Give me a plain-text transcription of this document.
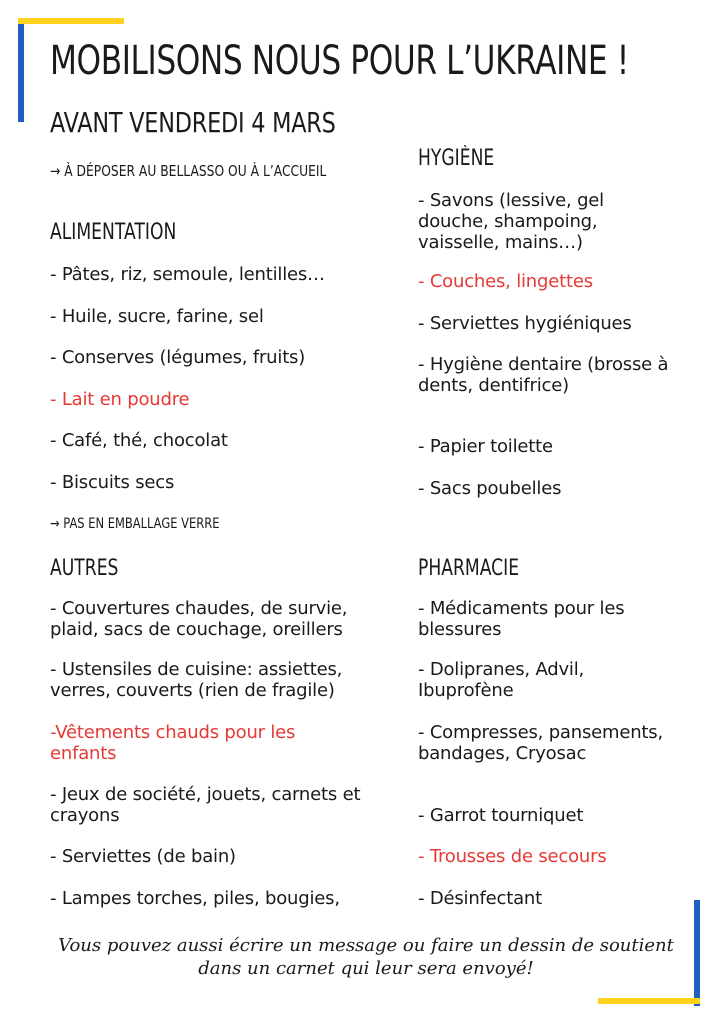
MOBILISONS NOUS POUR L’UKRAINE !
AVANT VENDREDI 4 MARS
→ À DÉPOSER AU BELLASSO OU À L’ACCUEIL
ALIMENTATION

- Pâtes, riz, semoule, lentilles…

- Huile, sucre, farine, sel

- Conserves (légumes, fruits)

- Lait en poudre

- Café, thé, chocolat

- Biscuits secs

→ PAS EN EMBALLAGE VERRE
HYGIÈNE

- Savons (lessive, gel douche, shampoing, vaisselle, mains…)

- Couches, lingettes

- Serviettes hygiéniques

- Hygiène dentaire (brosse à dents, dentifrice)

- Papier toilette

- Sacs poubelles

AUTRES

- Couvertures chaudes, de survie, plaid, sacs de couchage, oreillers

- Ustensiles de cuisine: assiettes, verres, couverts (rien de fragile)

-Vêtements chauds pour les enfants

- Jeux de société, jouets, carnets et crayons

- Serviettes (de bain)

- Lampes torches, piles, bougies,

PHARMACIE

- Médicaments pour les blessures

- Dolipranes, Advil, Ibuprofène

- Compresses, pansements, bandages, Cryosac

- Garrot tourniquet

- Trousses de secours

- Désinfectant

Vous pouvez aussi écrire un message ou faire un dessin de soutient dans un carnet qui leur sera envoyé!
